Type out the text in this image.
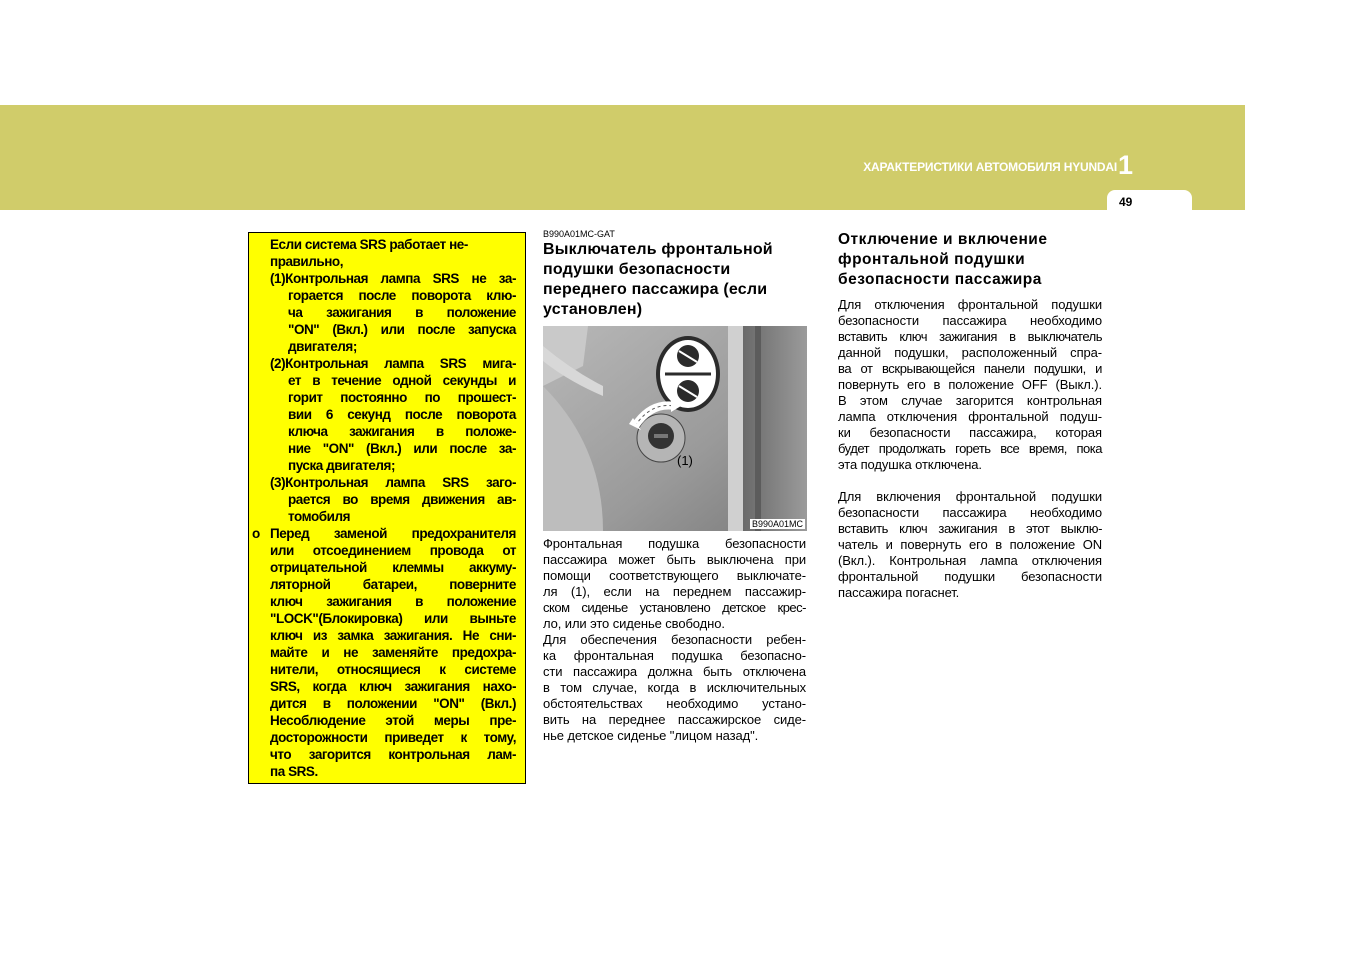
ХАРАКТЕРИСТИКИ АВТОМОБИЛЯ HYUNDAI 1
49
Если система SRS работает не-
правильно,
(1)Контрольная лампа SRS не за-
горается после поворота клю-
ча зажигания в положение
"ON" (Вкл.) или после запуска
двигателя;
(2)Контрольная лампа SRS мига-
ет в течение одной секунды и
горит постоянно по прошест-
вии 6 секунд после поворота
ключа зажигания в положе-
ние "ON" (Вкл.) или после за-
пуска двигателя;
(3)Контрольная лампа SRS заго-
рается во время движения ав-
томобиля
o Перед заменой предохранителя
или отсоединением провода от
отрицательной клеммы аккуму-
ляторной батареи, поверните
ключ зажигания в положение
"LOCK"(Блокировка) или выньте
ключ из замка зажигания. Не сни-
майте и не заменяйте предохра-
нители, относящиеся к системе
SRS, когда ключ зажигания нахо-
дится в положении "ON" (Вкл.)
Несоблюдение этой меры пре-
досторожности приведет к тому,
что загорится контрольная лам-
па SRS.
B990A01MC-GAT
Выключатель фронтальной подушки безопасности переднего пассажира (если установлен)
(1)
B990A01MC
Фронтальная подушка безопасности
пассажира может быть выключена при
помощи соответствующего выключате-
ля (1), если на переднем пассажир-
ском сиденье установлено детское крес-
ло, или это сиденье свободно.
Для обеспечения безопасности ребен-
ка фронтальная подушка безопасно-
сти пассажира должна быть отключена
в том случае, когда в исключительных
обстоятельствах необходимо устано-
вить на переднее пассажирское сиде-
нье детское сиденье "лицом назад".
Отключение и включение фронтальной подушки безопасности пассажира
Для отключения фронтальной подушки
безопасности пассажира необходимо
вставить ключ зажигания в выключатель
данной подушки, расположенный спра-
ва от вскрывающейся панели подушки, и
повернуть его в положение OFF (Выкл.).
В этом случае загорится контрольная
лампа отключения фронтальной подуш-
ки безопасности пассажира, которая
будет продолжать гореть все время, пока
эта подушка отключена.
Для включения фронтальной подушки
безопасности пассажира необходимо
вставить ключ зажигания в этот выклю-
чатель и повернуть его в положение ON
(Вкл.). Контрольная лампа отключения
фронтальной подушки безопасности
пассажира погаснет.
